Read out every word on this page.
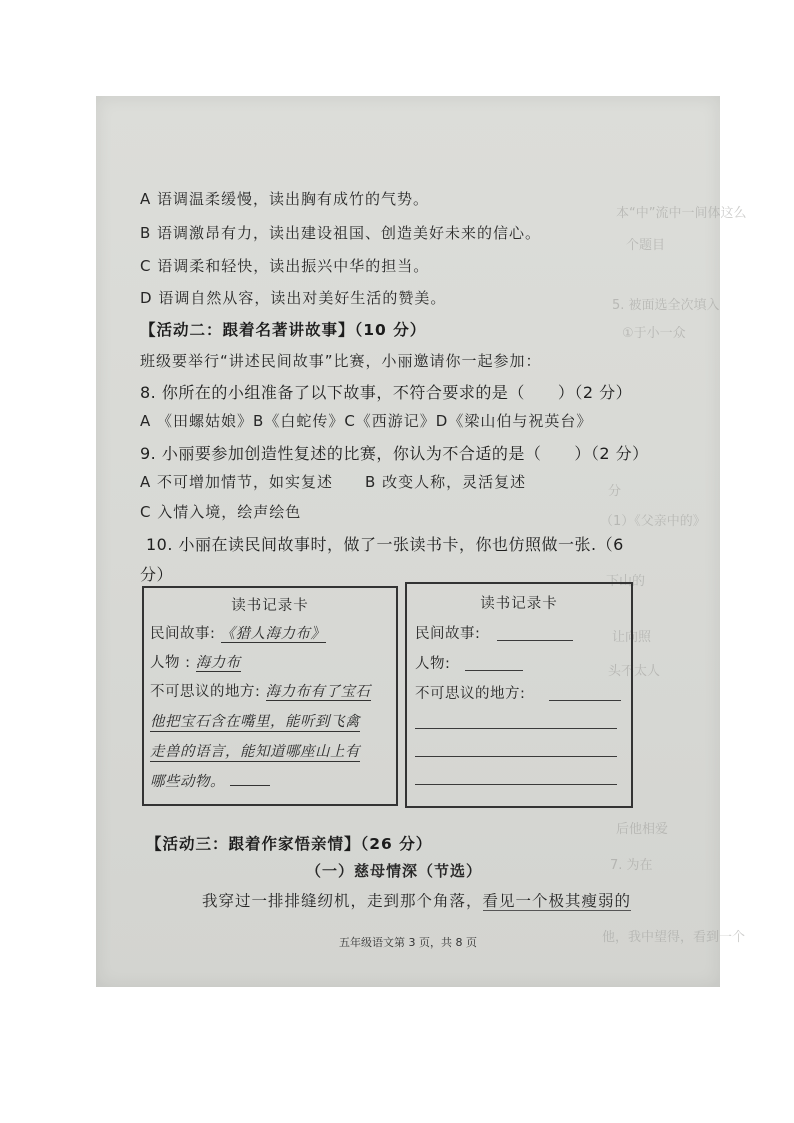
本“中”流中一间体这么
个题目
5. 被面选全次填入
①于小一众
分
（1）《父亲中的》
下山的
让向照
头不太人
后他相爱
7. 为在
他，我中望得，看到一个
A 语调温柔缓慢，读出胸有成竹的气势。
B 语调激昂有力，读出建设祖国、创造美好未来的信心。
C 语调柔和轻快，读出振兴中华的担当。
D 语调自然从容，读出对美好生活的赞美。
【活动二：跟着名著讲故事】（10 分）
班级要举行“讲述民间故事”比赛，小丽邀请你一起参加：
8. 你所在的小组准备了以下故事，不符合要求的是（　　）（2 分）
A 《田螺姑娘》B《白蛇传》C《西游记》D《梁山伯与祝英台》
9. 小丽要参加创造性复述的比赛，你认为不合适的是（　　）（2 分）
A 不可增加情节，如实复述　　B 改变人称，灵活复述
C 入情入境，绘声绘色
10. 小丽在读民间故事时，做了一张读书卡，你也仿照做一张.（6
分）
读书记录卡
民间故事: 《猎人海力布》
人物 : 海力布
不可思议的地方: 海力布有了宝石
他把宝石含在嘴里，能听到飞禽
走兽的语言，能知道哪座山上有
哪些动物。
读书记录卡
民间故事:
人物:
不可思议的地方:
【活动三：跟着作家悟亲情】（26 分）
（一）慈母情深（节选）
我穿过一排排缝纫机，走到那个角落，看见一个极其瘦弱的
五年级语文第 3 页，共 8 页
